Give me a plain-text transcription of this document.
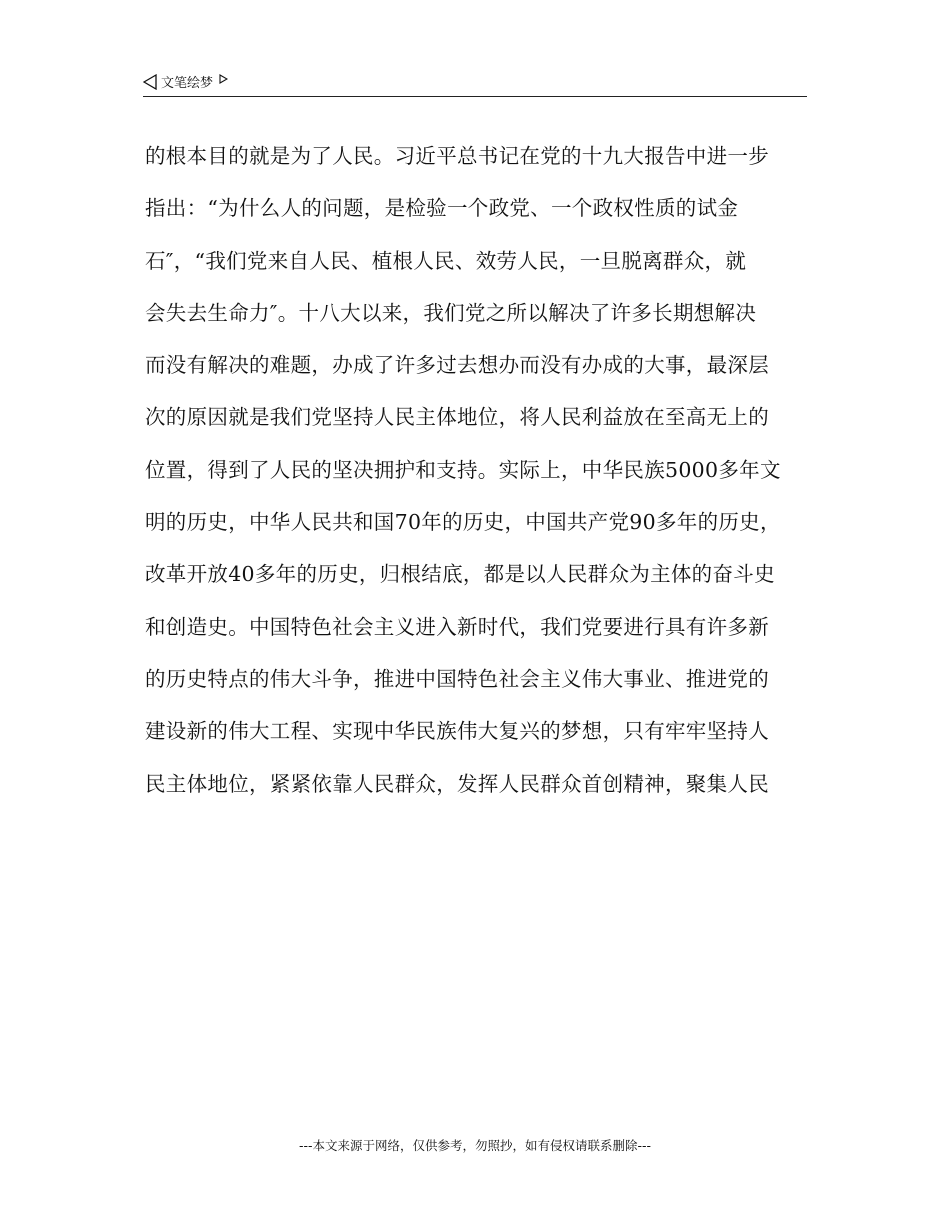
文笔绘梦
的根本目的就是为了人民。习近平总书记在党的十九大报告中进一步
指出：“为什么人的问题，是检验一个政党、一个政权性质的试金
石″，“我们党来自人民、植根人民、效劳人民，一旦脱离群众，就
会失去生命力″。十八大以来，我们党之所以解决了许多长期想解决
而没有解决的难题，办成了许多过去想办而没有办成的大事，最深层
次的原因就是我们党坚持人民主体地位，将人民利益放在至高无上的
位置，得到了人民的坚决拥护和支持。实际上，中华民族5000多年文
明的历史，中华人民共和国70年的历史，中国共产党90多年的历史，
改革开放40多年的历史，归根结底，都是以人民群众为主体的奋斗史
和创造史。中国特色社会主义进入新时代，我们党要进行具有许多新
的历史特点的伟大斗争，推进中国特色社会主义伟大事业、推进党的
建设新的伟大工程、实现中华民族伟大复兴的梦想，只有牢牢坚持人
民主体地位，紧紧依靠人民群众，发挥人民群众首创精神，聚集人民
---本文来源于网络，仅供参考，勿照抄，如有侵权请联系删除---
